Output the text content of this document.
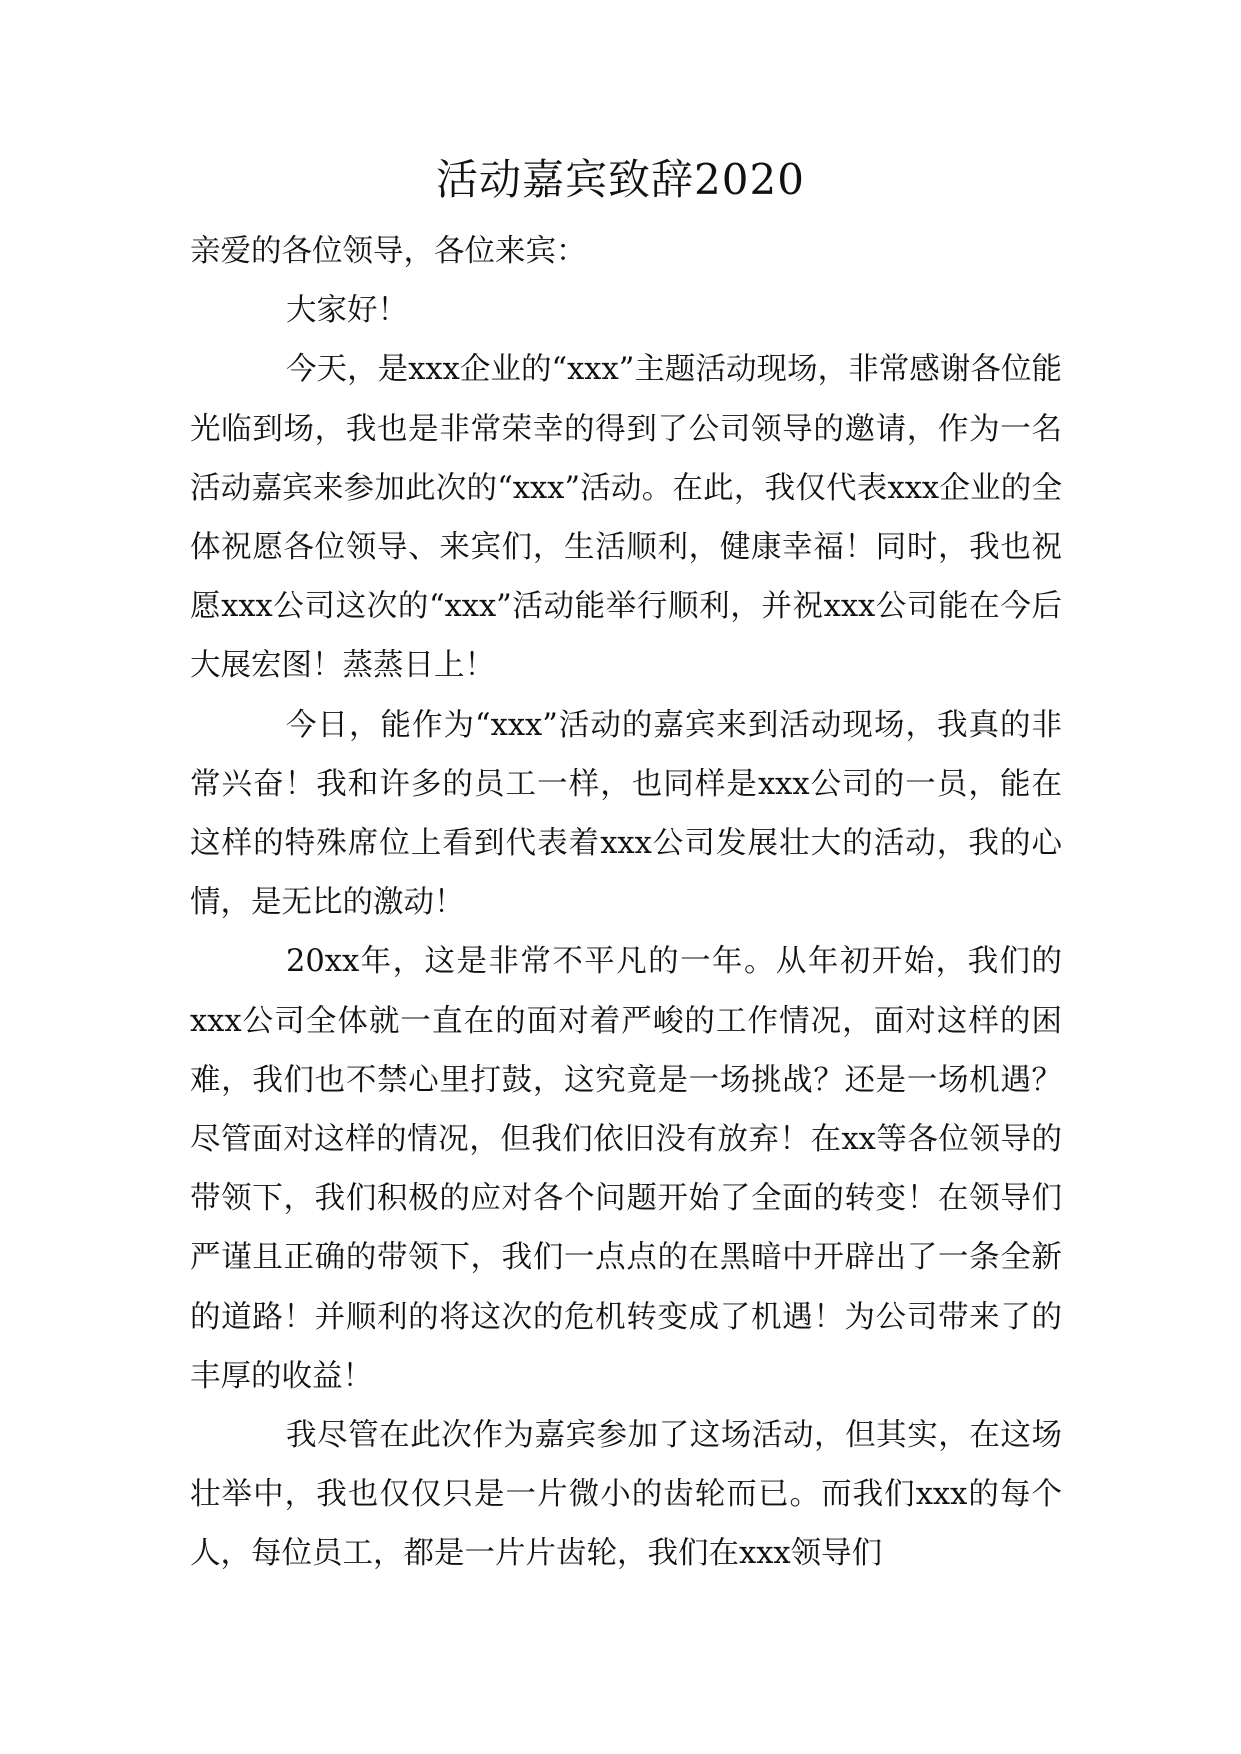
活动嘉宾致辞2020

亲爱的各位领导，各位来宾：

大家好！

今天，是xxx企业的“xxx”主题活动现场，非常感谢各位能光临到场，我也是非常荣幸的得到了公司领导的邀请，作为一名活动嘉宾来参加此次的“xxx”活动。在此，我仅代表xxx企业的全体祝愿各位领导、来宾们，生活顺利，健康幸福！同时，我也祝愿xxx公司这次的“xxx”活动能举行顺利，并祝xxx公司能在今后大展宏图！蒸蒸日上！

今日，能作为“xxx”活动的嘉宾来到活动现场，我真的非常兴奋！我和许多的员工一样，也同样是xxx公司的一员，能在这样的特殊席位上看到代表着xxx公司发展壮大的活动，我的心情，是无比的激动！

20xx年，这是非常不平凡的一年。从年初开始，我们的xxx公司全体就一直在的面对着严峻的工作情况，面对这样的困难，我们也不禁心里打鼓，这究竟是一场挑战？还是一场机遇？尽管面对这样的情况，但我们依旧没有放弃！在xx等各位领导的带领下，我们积极的应对各个问题开始了全面的转变！在领导们严谨且正确的带领下，我们一点点的在黑暗中开辟出了一条全新的道路！并顺利的将这次的危机转变成了机遇！为公司带来了的丰厚的收益！

我尽管在此次作为嘉宾参加了这场活动，但其实，在这场壮举中，我也仅仅只是一片微小的齿轮而已。而我们xxx的每个人，每位员工，都是一片片齿轮，我们在xxx领导们
